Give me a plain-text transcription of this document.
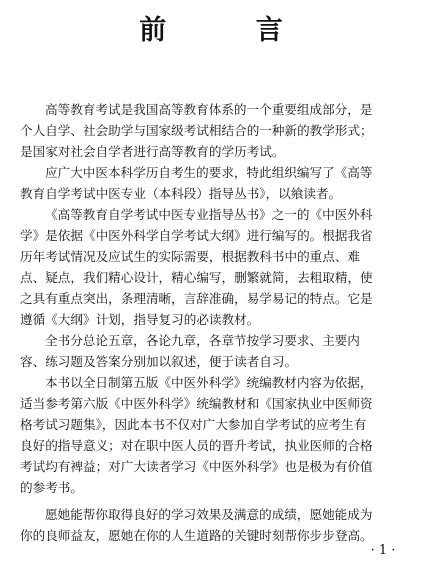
前 言
高等教育考试是我国高等教育体系的一个重要组成部分，是
个人自学、社会助学与国家级考试相结合的一种新的教学形式；
是国家对社会自学者进行高等教育的学历考试。
应广大中医本科学历自考生的要求，特此组织编写了《高等
教育自学考试中医专业（本科段）指导丛书》，以飨读者。
《高等教育自学考试中医专业指导丛书》之一的《中医外科
学》是依据《中医外科学自学考试大纲》进行编写的。根据我省
历年考试情况及应试生的实际需要，根据教科书中的重点、难
点、疑点，我们精心设计，精心编写，删繁就简，去粗取精，使
之具有重点突出，条理清晰，言辞准确，易学易记的特点。它是
遵循《大纲》计划，指导复习的必读教材。
全书分总论五章，各论九章，各章节按学习要求、主要内
容、练习题及答案分别加以叙述，便于读者自习。
本书以全日制第五版《中医外科学》统编教材内容为依据，
适当参考第六版《中医外科学》统编教材和《国家执业中医师资
格考试习题集》，因此本书不仅对广大参加自学考试的应考生有
良好的指导意义；对在职中医人员的晋升考试，执业医师的合格
考试均有裨益；对广大读者学习《中医外科学》也是极为有价值
的参考书。
愿她能帮你取得良好的学习效果及满意的成绩，愿她能成为
你的良师益友，愿她在你的人生道路的关键时刻帮你步步登高。
· 1 ·
